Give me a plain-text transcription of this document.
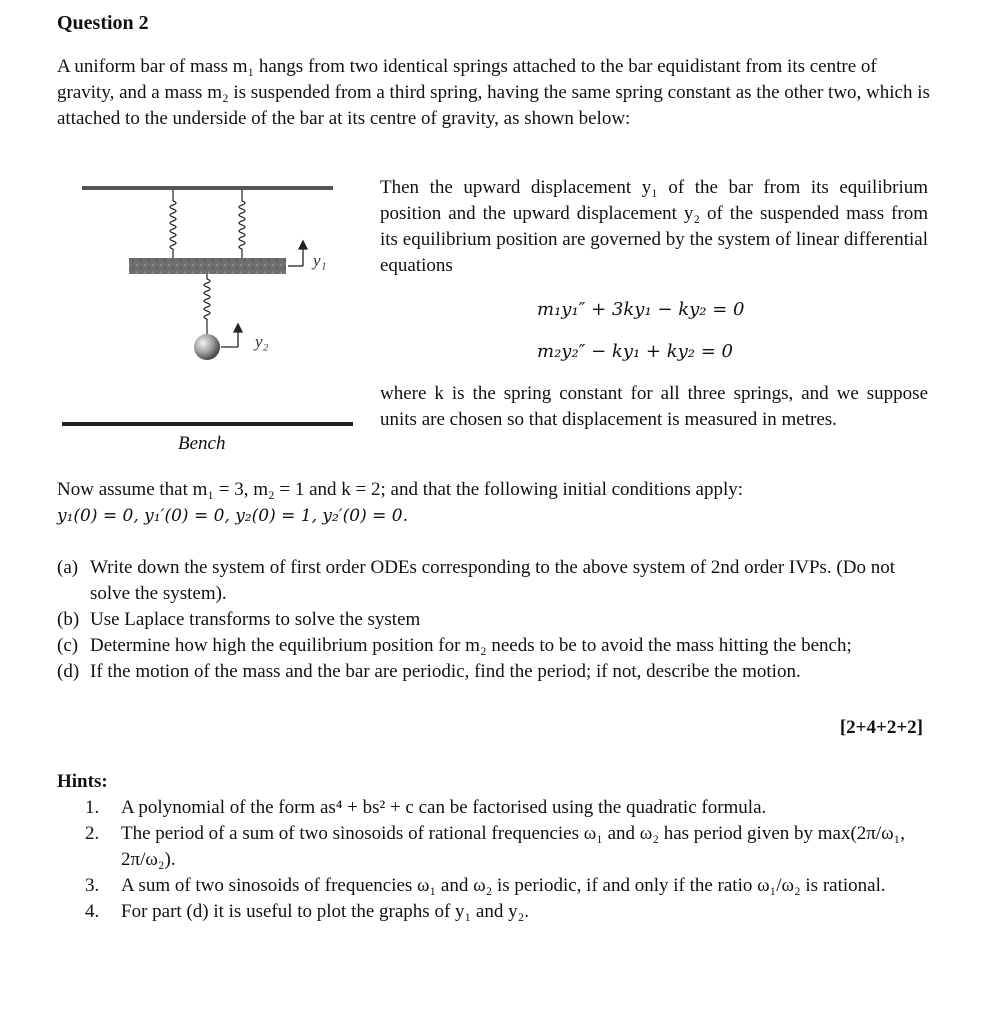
Question 2
A uniform bar of mass m₁ hangs from two identical springs attached to the bar equidistant from its centre of gravity, and a mass m₂ is suspended from a third spring, having the same spring constant as the other two, which is attached to the underside of the bar at its centre of gravity, as shown below:
y₁
y₂
Bench
Then the upward displacement y₁ of the bar from its equilibrium position and the upward displacement y₂ of the suspended mass from its equilibrium position are governed by the system of linear differential equations
m₁y₁″ + 3ky₁ − ky₂ = 0
m₂y₂″ − ky₁ + ky₂ = 0
where k is the spring constant for all three springs, and we suppose units are chosen so that displacement is measured in metres.
Now assume that m₁ = 3, m₂ = 1 and k = 2; and that the following initial conditions apply:
y₁(0) = 0, y₁′(0) = 0, y₂(0) = 1, y₂′(0) = 0.
(a) Write down the system of first order ODEs corresponding to the above system of 2nd order IVPs. (Do not solve the system).
(b) Use Laplace transforms to solve the system
(c) Determine how high the equilibrium position for m₂ needs to be to avoid the mass hitting the bench;
(d) If the motion of the mass and the bar are periodic, find the period; if not, describe the motion.
[2+4+2+2]
Hints:
1.	A polynomial of the form as⁴ + bs² + c can be factorised using the quadratic formula.
2.	The period of a sum of two sinosoids of rational frequencies ω₁ and ω₂ has period given by max(2π/ω₁, 2π/ω₂).
3.	A sum of two sinosoids of frequencies ω₁ and ω₂ is periodic, if and only if the ratio ω₁/ω₂ is rational.
4.	For part (d) it is useful to plot the graphs of y₁ and y₂.
